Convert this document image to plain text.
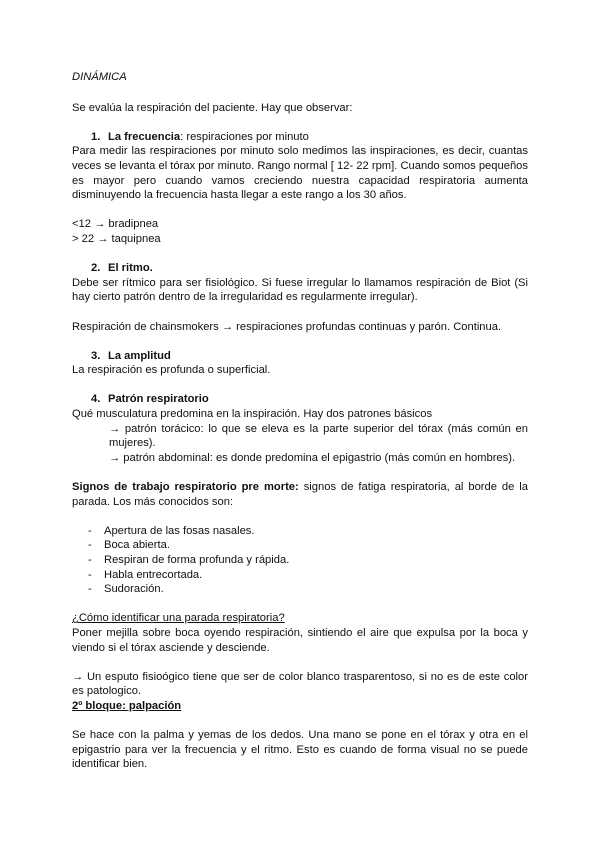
DINÁMICA

Se evalúa la respiración del paciente. Hay que observar:

1. La frecuencia: respiraciones por minuto

Para medir las respiraciones por minuto solo medimos las inspiraciones, es decir, cuantas veces se levanta el tórax por minuto. Rango normal [ 12- 22 rpm]. Cuando somos pequeños es mayor pero cuando vamos creciendo nuestra capacidad respiratoria aumenta disminuyendo la frecuencia hasta llegar a este rango a los 30 años.

<12 → bradipnea

> 22 → taquipnea

2. El ritmo.

Debe ser rítmico para ser fisiológico. Si fuese irregular lo llamamos respiración de Biot (Si hay cierto patrón dentro de la irregularidad es regularmente irregular).

Respiración de chainsmokers → respiraciones profundas continuas y parón. Continua.

3. La amplitud

La respiración es profunda o superficial.

4. Patrón respiratorio

Qué musculatura predomina en la inspiración. Hay dos patrones básicos

→ patrón torácico: lo que se eleva es la parte superior del tórax (más común en mujeres).

→ patrón abdominal: es donde predomina el epigastrio (más común en hombres).

Signos de trabajo respiratorio pre morte: signos de fatiga respiratoria, al borde de la parada. Los más conocidos son:

- Apertura de las fosas nasales.
- Boca abierta.
- Respiran de forma profunda y rápida.
- Habla entrecortada.
- Sudoración.

¿Cómo identificar una parada respiratoria?

Poner mejilla sobre boca oyendo respiración, sintiendo el aire que expulsa por la boca y viendo si el tórax asciende y desciende.

→ Un esputo fisioógico tiene que ser de color blanco trasparentoso, si no es de este color es patologico.

2º bloque: palpación

Se hace con la palma y yemas de los dedos. Una mano se pone en el tórax y otra en el epigastrio para ver la frecuencia y el ritmo. Esto es cuando de forma visual no se puede identificar bien.
